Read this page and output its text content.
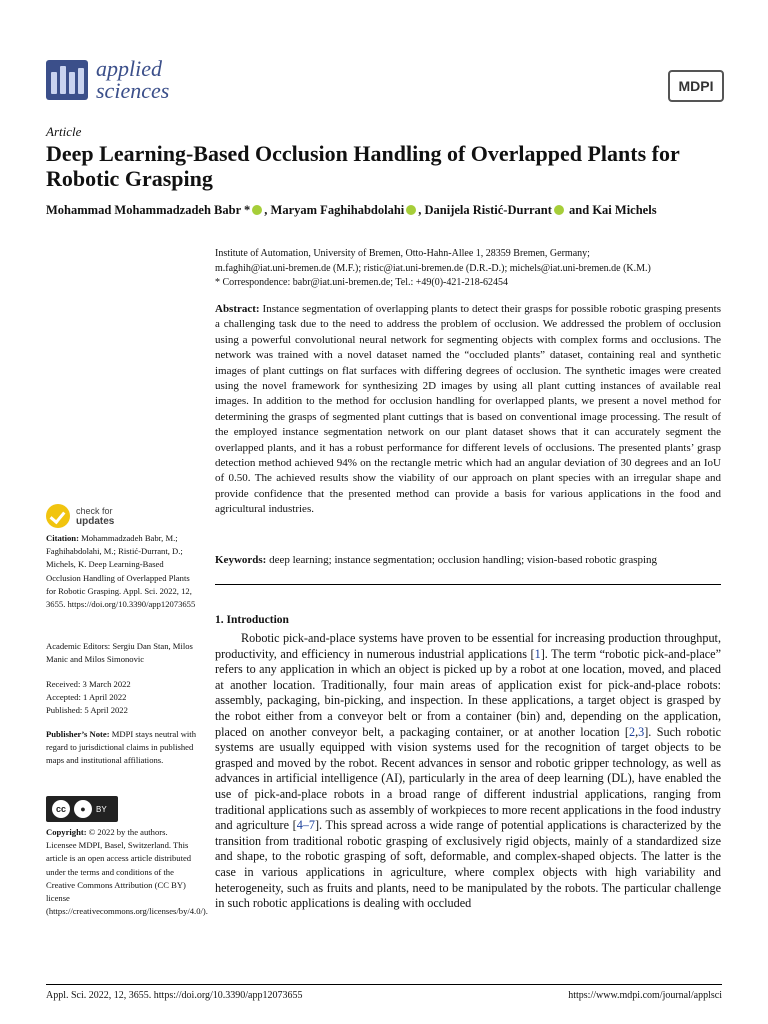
applied
sciences	MDPI
Article
Deep Learning-Based Occlusion Handling of Overlapped Plants for Robotic Grasping
Mohammad Mohammadzadeh Babr * , Maryam Faghihabdolahi , Danijela Ristić-Durrant and Kai Michels
Institute of Automation, University of Bremen, Otto-Hahn-Allee 1, 28359 Bremen, Germany;
m.faghih@iat.uni-bremen.de (M.F.); ristic@iat.uni-bremen.de (D.R.-D.); michels@iat.uni-bremen.de (K.M.)
* Correspondence: babr@iat.uni-bremen.de; Tel.: +49(0)-421-218-62454
Abstract: Instance segmentation of overlapping plants to detect their grasps for possible robotic grasping presents a challenging task due to the need to address the problem of occlusion. We addressed the problem of occlusion using a powerful convolutional neural network for segmenting objects with complex forms and occlusions. The network was trained with a novel dataset named the “occluded plants” dataset, containing real and synthetic images of plant cuttings on flat surfaces with differing degrees of occlusion. The synthetic images were created using the novel framework for synthesizing 2D images by using all plant cutting instances of available real images. In addition to the method for occlusion handling for overlapped plants, we present a novel method for determining the grasps of segmented plant cuttings that is based on conventional image processing. The result of the employed instance segmentation network on our plant dataset shows that it can accurately segment the overlapped plants, and it has a robust performance for different levels of occlusions. The presented plants’ grasp detection method achieved 94% on the rectangle metric which had an angular deviation of 30 degrees and an IoU of 0.50. The achieved results show the viability of our approach on plant species with an irregular shape and provide confidence that the presented method can provide a basis for various applications in the food and agricultural industries.
Keywords: deep learning; instance segmentation; occlusion handling; vision-based robotic grasping
1. Introduction
Robotic pick-and-place systems have proven to be essential for increasing production throughput, productivity, and efficiency in numerous industrial applications [1]. The term “robotic pick-and-place” refers to any application in which an object is picked up by a robot at one location, moved, and placed at another location. Traditionally, four main areas of application exist for pick-and-place robots: assembly, packaging, bin-picking, and inspection. In these applications, a target object is grasped by the robot either from a conveyor belt or from a container (bin) and, depending on the application, placed on another conveyor belt, a packaging container, or at another location [2,3]. Such robotic systems are usually equipped with vision systems used for the recognition of target objects to be grasped and moved by the robot. Recent advances in sensor and robotic gripper technology, as well as advances in artificial intelligence (AI), particularly in the area of deep learning (DL), have enabled the use of pick-and-place robots in a broad range of different industrial applications, ranging from traditional applications such as assembly of workpieces to more recent applications in the food industry and agriculture [4–7]. This spread across a wide range of potential applications is characterized by the transition from traditional robotic grasping of exclusively rigid objects, mainly of a standardized size and shape, to the robotic grasping of soft, deformable, and complex-shaped objects. The latter is the case in various applications in agriculture, where complex objects with high variability and heterogeneity, such as fruits and plants, need to be manipulated by the robots. The particular challenge in such robotic applications is dealing with occluded
check for
updates
Citation: Mohammadzadeh Babr, M.; Faghihabdolahi, M.; Ristić-Durrant, D.; Michels, K. Deep Learning-Based Occlusion Handling of Overlapped Plants for Robotic Grasping. Appl. Sci. 2022, 12, 3655. https://doi.org/10.3390/app12073655
Academic Editors: Sergiu Dan Stan, Milos Manic and Milos Simonovic
Received: 3 March 2022
Accepted: 1 April 2022
Published: 5 April 2022
Publisher’s Note: MDPI stays neutral with regard to jurisdictional claims in published maps and institutional affiliations.
cc	●	BY
Copyright: © 2022 by the authors. Licensee MDPI, Basel, Switzerland. This article is an open access article distributed under the terms and conditions of the Creative Commons Attribution (CC BY) license (https://creativecommons.org/licenses/by/4.0/).
Appl. Sci. 2022, 12, 3655. https://doi.org/10.3390/app12073655	https://www.mdpi.com/journal/applsci
